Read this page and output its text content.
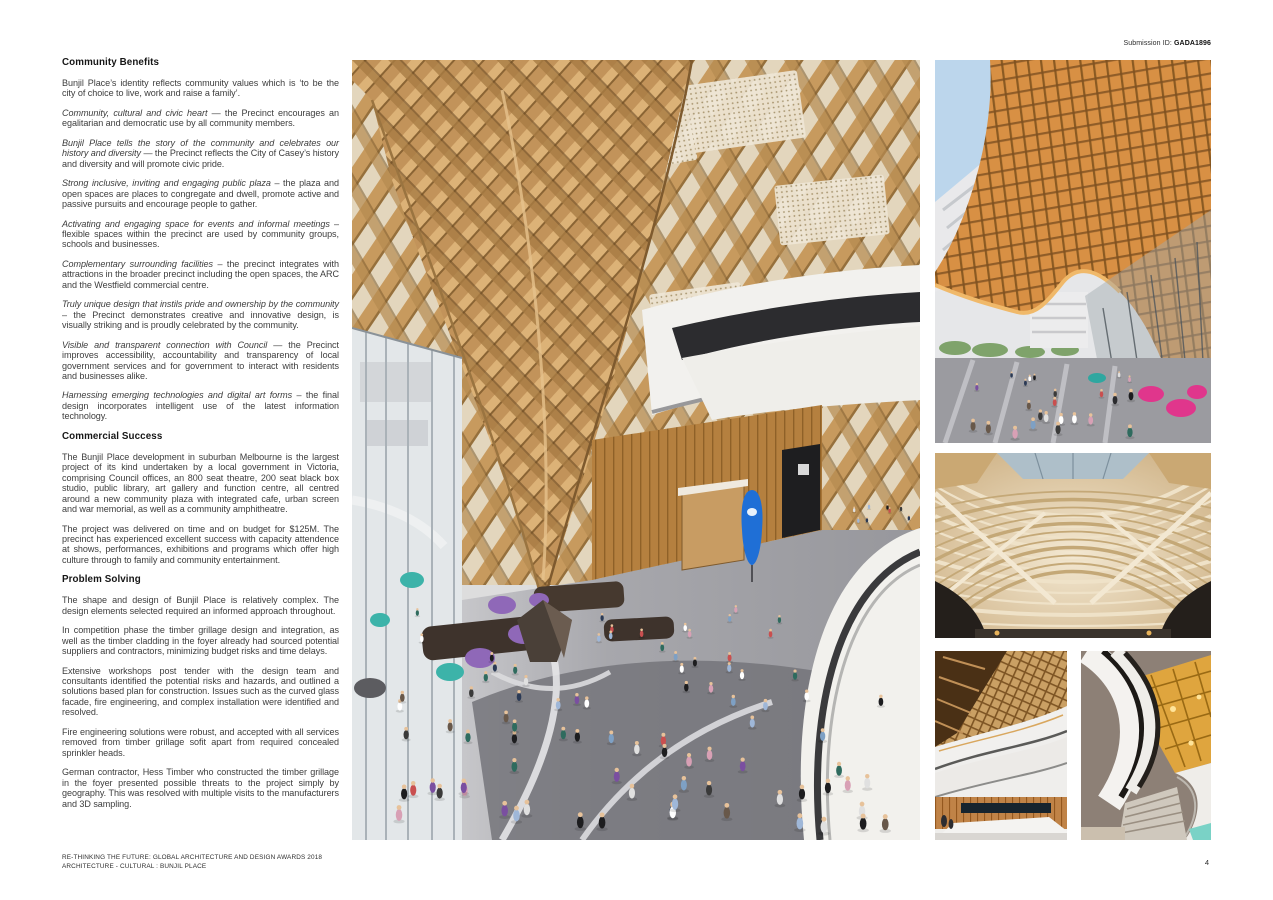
Submission ID: GADA1896
Community Benefits

Bunjil Place’s identity reflects community values which is ‘to be the city of choice to live, work and raise a family’.

Community, cultural and civic heart — the Precinct encourages an egalitarian and democratic use by all community members.

Bunjil Place tells the story of the community and celebrates our history and diversity — the Precinct reflects the City of Casey’s history and diversity and will promote civic pride.

Strong inclusive, inviting and engaging public plaza – the plaza and open spaces are places to congregate and dwell, promote active and passive pursuits and encourage people to gather.

Activating and engaging space for events and informal meetings – flexible spaces within the precinct are used by community groups, schools and businesses.

Complementary surrounding facilities – the precinct integrates with attractions in the broader precinct including the open spaces, the ARC and the Westfield commercial centre.

Truly unique design that instils pride and ownership by the community – the Precinct demonstrates creative and innovative design, is visually striking and is proudly celebrated by the community.

Visible and transparent connection with Council — the Precinct improves accessibility, accountability and transparency of local government services and for government to interact with residents and businesses alike.

Harnessing emerging technologies and digital art forms – the final design incorporates intelligent use of the latest information technology.

Commercial Success

The Bunjil Place development in suburban Melbourne is the largest project of its kind undertaken by a local government in Victoria, comprising Council offices, an 800 seat theatre, 200 seat black box studio, public library, art gallery and function centre, all centred around a new community plaza with integrated cafe, urban screen and war memorial, as well as a community amphitheatre.

The project was delivered on time and on budget for $125M. The precinct has experienced excellent success with capacity attendence at shows, performances, exhibitions and programs which offer high culture through to family and community entertainment.

Problem Solving

The shape and design of Bunjil Place is relatively complex. The design elements selected required an informed approach throughout.

In competition phase the timber grillage design and integration, as well as the timber cladding in the foyer already had sourced potential suppliers and contractors, minimizing budget risks and time delays.

Extensive workshops post tender with the design team and consultants identified the potential risks and hazards, and outlined a solutions based plan for construction. Issues such as the curved glass facade, fire engineering, and complex installation were identified and resolved.

Fire engineering solutions were robust, and accepted with all services removed from timber grillage sofit apart from required concealed sprinkler heads.

German contractor, Hess Timber who constructed the timber grillage in the foyer presented possible threats to the project simply by geography. This was resolved with multiple visits to the manufacturers and 3D sampling.

RE-THINKING THE FUTURE: GLOBAL ARCHITECTURE AND DESIGN AWARDS 2018
ARCHITECTURE - CULTURAL : BUNJIL PLACE	4
